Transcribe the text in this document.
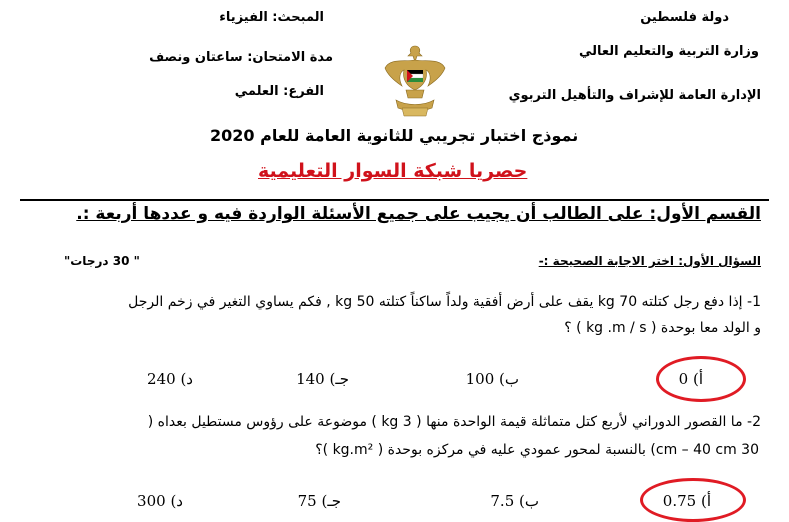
دولة فلسطين
وزارة التربية والتعليم العالي
الإدارة العامة للإشراف والتأهيل التربوي
المبحث: الفيزياء
مدة الامتحان: ساعتان ونصف
الفرع: العلمي
نموذج اختبار تجريبي للثانوية العامة للعام 2020
حصريا شبكة السوار التعليمية
القسم الأول: على الطالب أن يجيب على جميع الأسئلة الواردة فيه و عددها أربعة :.
السؤال الأول: اختر الاجابة الصحيحة :-
" 30 درجات"
1- إذا دفع رجل كتلته 70 kg يقف على أرض أفقية ولداً ساكناً كتلته 50 kg , فكم يساوي التغير في زخم الرجل
و الولد معا بوحدة ( kg .m / s ) ؟
أ) 0
ب) 100
جـ) 140
د) 240
2- ما القصور الدوراني لأربع كتل متماثلة قيمة الواحدة منها ( 3 kg ) موضوعة على رؤوس مستطيل بعداه (
30 cm – 40 cm) بالنسبة لمحور عمودي عليه في مركزه بوحدة ( kg.m² )؟
أ) 0.75
ب) 7.5
جـ) 75
د) 300
